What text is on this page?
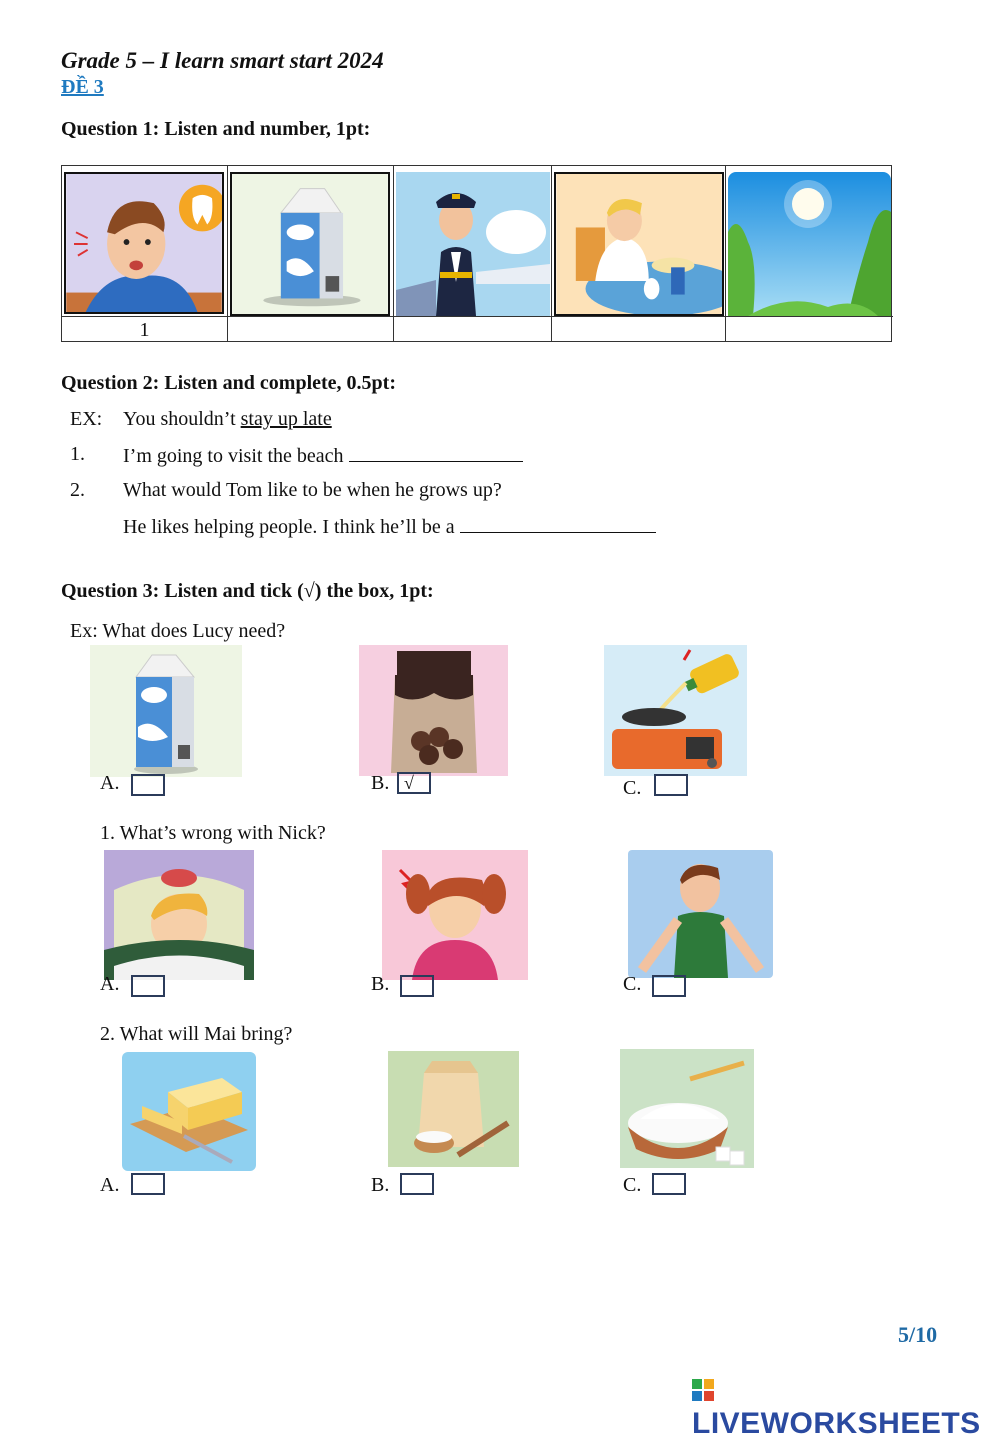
Grade 5 – I learn smart start 2024
ĐỀ 3
Question 1: Listen and number, 1pt:
1
Question 2: Listen and complete, 0.5pt:
EX: You shouldn’t stay up late
1. I’m going to visit the beach
2. What would Tom like to be when he grows up?
He likes helping people. I think he’ll be a
Question 3: Listen and tick (√) the box, 1pt:
Ex: What does Lucy need?
A.	B. √	C.
1. What’s wrong with Nick?
A.	B.	C.
2. What will Mai bring?
A.	B.	C.
5/10
LIVEWORKSHEETS
